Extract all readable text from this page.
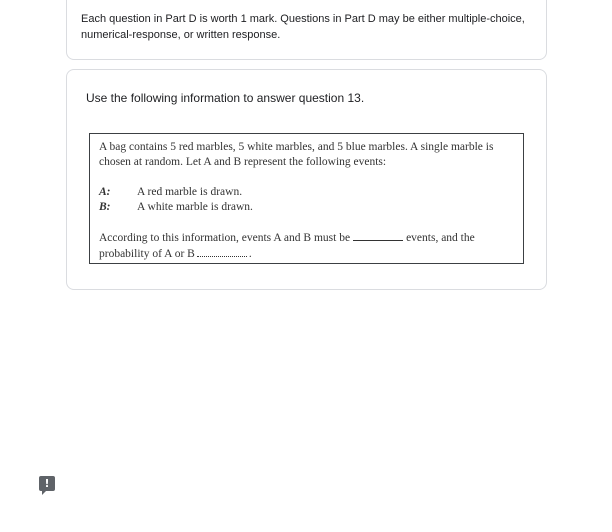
Each question in Part D is worth 1 mark. Questions in Part D may be either multiple-choice, numerical-response, or written response.
Use the following information to answer question 13.
A bag contains 5 red marbles, 5 white marbles, and 5 blue marbles. A single marble is chosen at random. Let A and B represent the following events:
A: A red marble is drawn.
B: A white marble is drawn.
According to this information, events A and B must be	events, and the probability of A or B	.
!
